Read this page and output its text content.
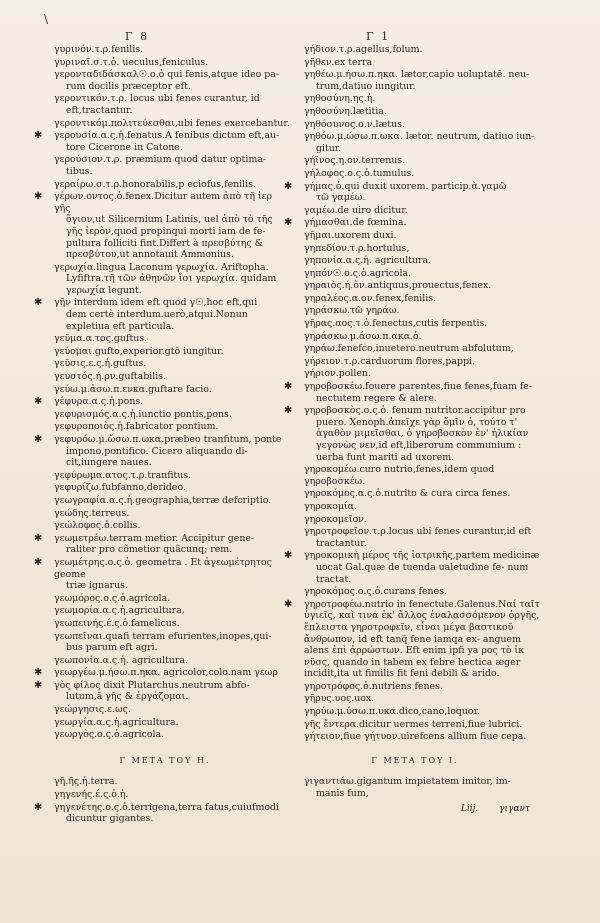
\
Γ 8	Γ 1
γυρινόν.τ.ρ.fenilis.
γυριναῖ.σ.τ.ὁ. ueculus,feniculus.
γερονταδιδάσκαλ☉.ο.ὁ qui fenis,atque ideo pa-
rum docilis præceptor eft.
γεροντικόν.τ.ρ. locus ubi fenes curantur, id
eft,tractantur.
γεροντικόμ.πολιτεύεσθαι,ubi fenes exercebantur.
✱ γερουσία.α.ς.ἡ.fenatus.A fenibus dictum eft,au-
tore Cicerone in Catone.
γερούσιον.τ.ρ. præmium quod datur optima-
tibus.
γεραίρω.σ.τ.ρ.honorabilis,p eciofus,fenilis.
✱ γέρων.οντος.ὁ.fenex.Dicitur autem ἀπὸ τῆ ἱερ γῆς
ὅγιον,ut Silicernium Latinis, uel ἀπὸ τὸ τῆς γῆς ἱερὸν,quod propinqui morti iam de fe- pultura folliciti fint.Differt à πρεσβύτης & πρεσβύτου,ut annotauit Ammonius.
γερωχία.lingua Laconum γερωχία. Ariftopha.
Lyfiftra.τῆ τῶν ἀθηνῶν ἴσι γερωχία. quidam γερωχία legunt.
✱ γῆν interdum idem eft quod γ☉,hoc eft,qui
dem certè interdum.uerò,atqui.Nonun expletiua eft particula.
γεῦμα.α.τος.guftus.
γεύομαι.gufto,experior.gtō iungitur.
γεῦσις.ε.ς.ἡ.guftus.
γευστός.ή.ρν.guftabilis.
γεύω.μ.ἀσω.π.ενκα.guftare facio.
✱ γέφυρα.α.ς.ἡ.pons.
γεφυρισμός.α.ς.ἡ.iunctio pontis,pons.
γεφυροποιὸς.ἡ.fabricator pontium.
✱ γεφυρόω.μ.ὤσω.π.ωκα.præbeo tranfitum, ponte
impono,pontifico. Cicero aliquando di- cit,iungere naues.
γεφύρωμα.ατος.τ.ρ.tranfitus.
γεφυρίζω.fubfanno,derideo.
γεωγραφία.α.ς.ἡ.geographia,terræ defcriptio.
γεώδης.terreus.
γεώλοφος.ὁ.collis.
✱ γεωμετρέω.terram metior. Accipitur gene-
raliter pro cõmetior quãcunq; rem.
✱ γεωμέτρης.ο.ς.ὁ. geometra . Et ἀγεωμέτρητος geome
triæ ignarus.
γεωμόρος.ο.ς.ὁ.agricola.
γεωμορία.α.ς.ἡ.agricultura.
γεωπεινής.έ.ς.ὁ.famelicus.
γεωπεῖναι.quafi terram efurientes,inopes,qui-
bus parum eft agri.
γεωπονία.α.ς.ἡ. agricultura.
✱ γεωργέω.μ.ήσω.π.ηκα. agricolor,colo.nam γεωρ
✱ γὸς φίλος dixit Plutarchus.neutrum abfo-
lutum,ā γῆς & ἐργάζομαι.
γεώργησις.ε.ως.
γεωργία.α.ς.ἡ.agricultura.
γεωργὸς.ο.ς.ὁ.agricola.
Γ ΜΕΤΑ ΤΟΥ Η.
γῆ.ῆς.ἡ.terra.
γηγενής.έ.ς.ὁ.ἡ.
✱ γηγενέτης.ο.ς.ὁ.terrigena,terra fatus,cuiufmodi
dicuntur gigantes.
γήδιον.τ.ρ.agellus,folum.
γῆθεν.ex terra
γηθέω.μ.ήσω.π.ηκα. lætor,capio uoluptatē. neu-
trum,datiuo iungitur.
γηθοσύνη.ης.ἡ.
γηθοσύνη.lætitia.
γηθόσυνος.ο.ν.lætus.
γηθόω.μ.ώσω.π.ωκα. lætor. neutrum, datiuo iun-
gitur.
γήϊνος.η.ον.terrenus.
γήλοφος.ο.ς.ὁ.tumulus.
✱ γήμας.ὁ.qui duxit uxorem. particip.ὰ.γαμῶ
τῶ γαμέω.
γαμέω.de uiro dicitur.
✱ γήμασθαι.de fœmina.
γῆμαι.uxorem duxi.
γηπεδίον.τ.ρ.hortulus,
γηπονία.α.ς.ἡ. agricultura.
γηπόν☉.ο.ς.ὁ.agricola.
γηραιὸς.ή.ὸν.antiquus,prouectus,fenex.
γηραλέος.α.ον.fenex,fenilis.
γηράσκω.τῶ γηράω.
γῆρας.αος.τ.ὁ.fenectus,cutis ferpentis.
γηράσκω.μ.άσω.π.ακα.ὁ.
γηράω.fenefco,inuetero.neutrum abfolutum,
γήρειον.τ.ρ.carduorum flores,pappi.
γήριον.pollen.
✱ γηροβοσκέω.fouere parentes,fiue fenes,fuam fe-
nectutem regere & alere.
✱ γηροβοσκὸς.ο.ς.ὁ. fenum nutritor.accipitur pro
puero. Xenoph.ἀπεῖχε γὰρ ὅμῖν ὁ, τούτο τ' ἀγαθὸν μιμεῖσθαι, ὁ γηροβοσκὸν ἐν' ἡλικίαν γεγονὼς νεν,id eft,liberorum communium : uerba funt mariti ad uxorem.
γηροκομέω.curo nutrio,fenes,idem quod γηροβοσκέω.
γηροκόμος.α.ς.ὁ.nutrito & cura circa fenes.
γηροκομία.
γηροκομεῖον.
γηροτροφεῖον.τ.ρ.locus ubi fenes curantur,id eft
tractantur.
✱ γηροκομικὴ μέρος τῆς ἰατρικῆς,partem medicinæ
uocat Gal.quæ de tuenda ualetudine fe- num tractat.
γηροκόμος.ο.ς.ὁ.curans fenes.
✱ γηροτροφέω.nutrio in fenectute.Galenus.Ναί ταῖτ ὑγιεῖς, καὶ τινα ἐκ' ἄλλος ἐναλασσόμενον ὀργῆς, ἔπλειστα γηροτροφεῖν, εἶναι μέγα βαστικοῦ ἄνθρωπον, id eft tanq̃ fene iamqa ex- anguem alens ἐπὶ ἀρρώστων. Eft enim ipfi ya ρος τὸ ἱκ νῦσς, quando in tabem ex febre hectica æger incidit,ita ut fimilis fit feni debili & arido.
γηροτρόφος.ὁ.nutriens fenes.
γῆρυς.υος.uox.
γηρύω.μ.ύσω.π.υκα.dico,cano,loquor.
γῆς ἔντερα.dicitur uermes terreni,fiue lubrici.
γήτειον,fiue γήτυον.uirefcens allium fiue cepa.
Γ ΜΕΤΑ ΤΟΥ Ι.
γιγαντιάω.gigantum impietatem imitor, im-
manis fum,
Liij. γιγαντ
